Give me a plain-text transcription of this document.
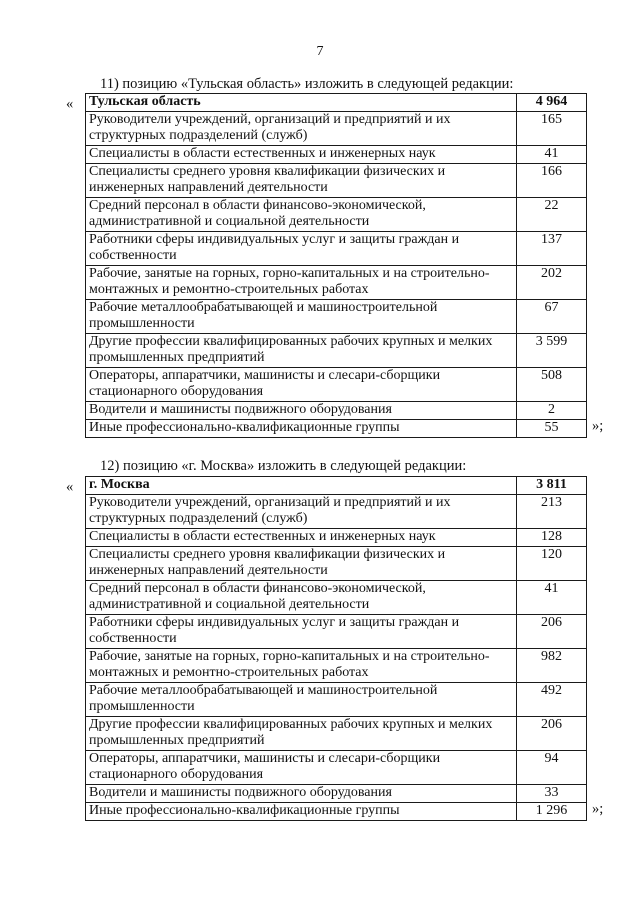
7
11) позицию «Тульская область» изложить в следующей редакции:
« Тульская область	4 964
Руководители учреждений, организаций и предприятий и их структурных подразделений (служб)	165
Специалисты в области естественных и инженерных наук	41
Специалисты среднего уровня квалификации физических и инженерных направлений деятельности	166
Средний персонал в области финансово-экономической, административной и социальной деятельности	22
Работники сферы индивидуальных услуг и защиты граждан и собственности	137
Рабочие, занятые на горных, горно-капитальных и на строительно-монтажных и ремонтно-строительных работах	202
Рабочие металлообрабатывающей и машиностроительной промышленности	67
Другие профессии квалифицированных рабочих крупных и мелких промышленных предприятий	3 599
Операторы, аппаратчики, машинисты и слесари-сборщики стационарного оборудования	508
Водители и машинисты подвижного оборудования	2
Иные профессионально-квалификационные группы	55 »;
12) позицию «г. Москва» изложить в следующей редакции:
« г. Москва	3 811
Руководители учреждений, организаций и предприятий и их структурных подразделений (служб)	213
Специалисты в области естественных и инженерных наук	128
Специалисты среднего уровня квалификации физических и инженерных направлений деятельности	120
Средний персонал в области финансово-экономической, административной и социальной деятельности	41
Работники сферы индивидуальных услуг и защиты граждан и собственности	206
Рабочие, занятые на горных, горно-капитальных и на строительно-монтажных и ремонтно-строительных работах	982
Рабочие металлообрабатывающей и машиностроительной промышленности	492
Другие профессии квалифицированных рабочих крупных и мелких промышленных предприятий	206
Операторы, аппаратчики, машинисты и слесари-сборщики стационарного оборудования	94
Водители и машинисты подвижного оборудования	33
Иные профессионально-квалификационные группы	1 296 »;
